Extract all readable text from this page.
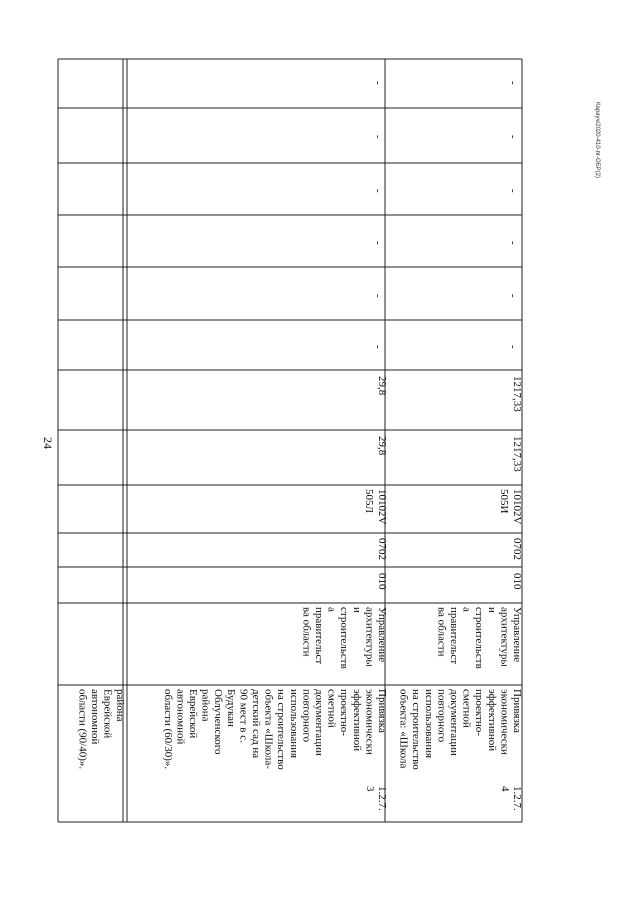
24
Карауч/2020-410-пг-ОБР(2)
района
Еврейской
автономной
области (90/40)».
1.2.7.
3
Привязка
экономически
эффективной
проектно-
сметной
документации
повторного
использования
на строительство
объекта «Школа-
детский сад на
90 мест в с.
Будукан
Облученского
района
Еврейской
автономной
области (60/30)».
Управление
архитектуры
и
строительств
а
правительст
ва области
010
0702
10102V
505Л
29,8
29,8
-
-
-
-
-
-
1.2.7.
4
Привязка
экономически
эффективной
проектно-
сметной
документации
повторного
использования
на строительство
объекта: «Школа
Управление
архитектуры
и
строительств
а
правительст
ва области
010
0702
10102V
505И
1217,33
1217,33
-
-
-
-
-
-
